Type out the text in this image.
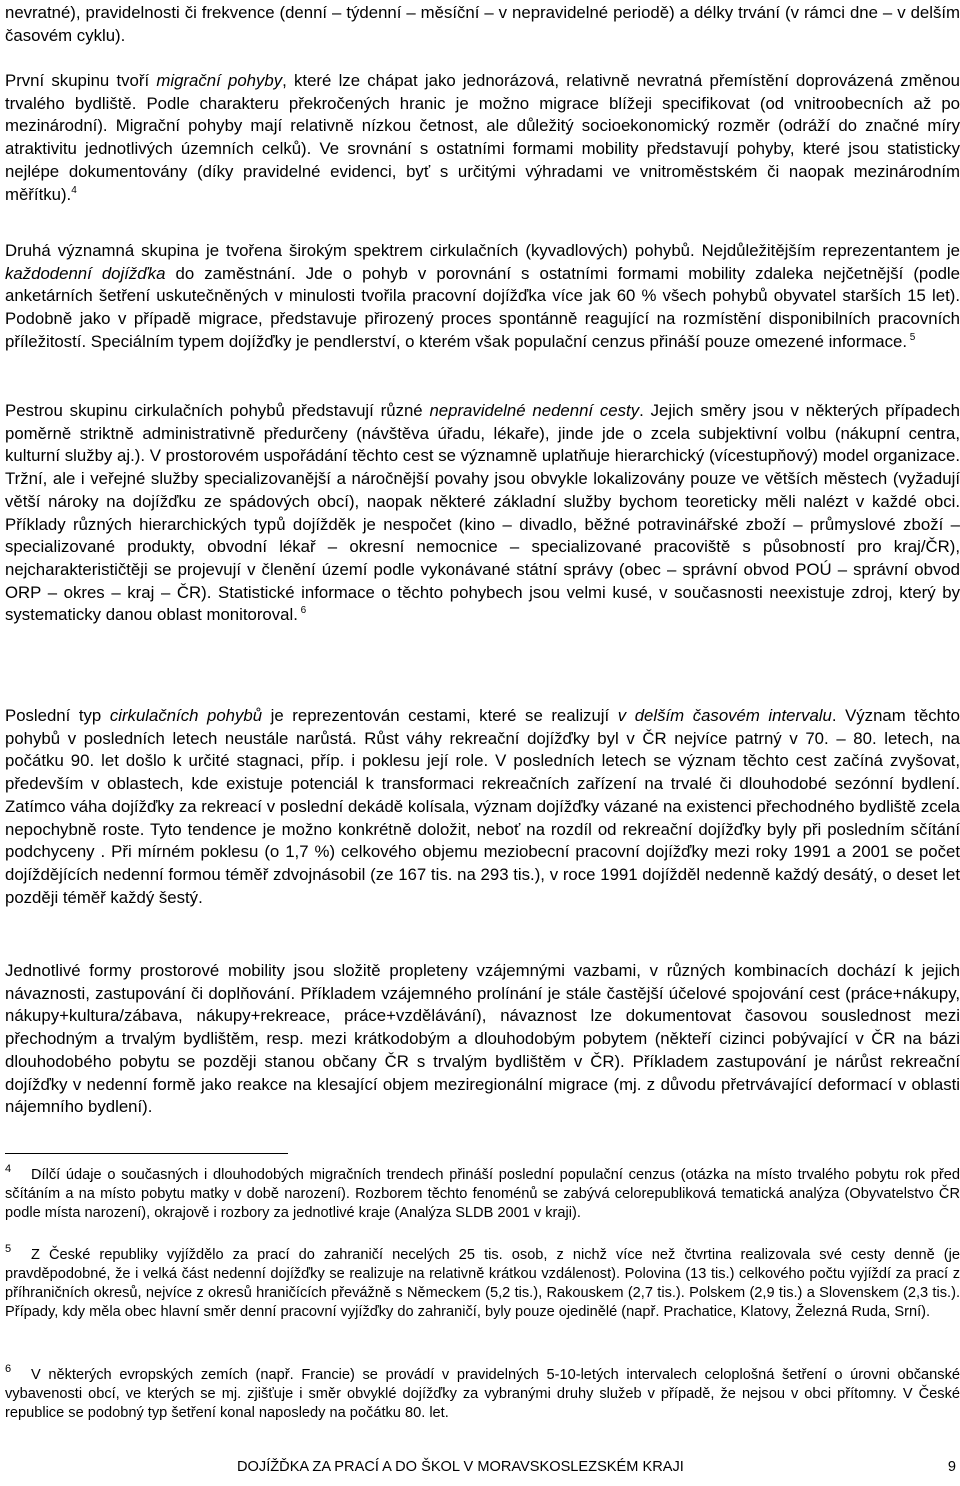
nevratné), pravidelnosti či frekvence (denní – týdenní – měsíční – v nepravidelné periodě) a délky trvání (v rámci dne – v delším časovém cyklu).

První skupinu tvoří migrační pohyby, které lze chápat jako jednorázová, relativně nevratná přemístění doprovázená změnou trvalého bydliště. Podle charakteru překročených hranic je možno migrace blížeji specifikovat (od vnitroobecních až po mezinárodní). Migrační pohyby mají relativně nízkou četnost, ale důležitý socioekonomický rozměr (odráží do značné míry atraktivitu jednotlivých územních celků). Ve srovnání s ostatními formami mobility představují pohyby, které jsou statisticky nejlépe dokumentovány (díky pravidelné evidenci, byť s určitými výhradami ve vnitroměstském či naopak mezinárodním měřítku).$^4$

Druhá významná skupina je tvořena širokým spektrem cirkulačních (kyvadlových) pohybů. Nejdůležitějším reprezentantem je každodenní dojížďka do zaměstnání. Jde o pohyb v porovnání s ostatními formami mobility zdaleka nejčetnější (podle anketárních šetření uskutečněných v minulosti tvořila pracovní dojížďka více jak 60 % všech pohybů obyvatel starších 15 let). Podobně jako v případě migrace, představuje přirozený proces spontánně reagující na rozmístění disponibilních pracovních příležitostí. Speciálním typem dojížďky je pendlerství, o kterém však populační cenzus přináší pouze omezené informace. $^5$

Pestrou skupinu cirkulačních pohybů představují různé nepravidelné nedenní cesty. Jejich směry jsou v některých případech poměrně striktně administrativně předurčeny (návštěva úřadu, lékaře), jinde jde o zcela subjektivní volbu (nákupní centra, kulturní služby aj.). V prostorovém uspořádání těchto cest se významně uplatňuje hierarchický (vícestupňový) model organizace. Tržní, ale i veřejné služby specializovanější a náročnější povahy jsou obvykle lokalizovány pouze ve větších městech (vyžadují větší nároky na dojížďku ze spádových obcí), naopak některé základní služby bychom teoreticky měli nalézt v každé obci. Příklady různých hierarchických typů dojížděk je nespočet (kino – divadlo, běžné potravinářské zboží – průmyslové zboží – specializované produkty, obvodní lékař – okresní nemocnice – specializované pracoviště s působností pro kraj/ČR), nejcharakterističtěji se projevují v členění území podle vykonávané státní správy (obec – správní obvod POÚ – správní obvod ORP – okres – kraj – ČR). Statistické informace o těchto pohybech jsou velmi kusé, v současnosti neexistuje zdroj, který by systematicky danou oblast monitoroval. $^6$

Poslední typ cirkulačních pohybů je reprezentován cestami, které se realizují v delším časovém intervalu. Význam těchto pohybů v posledních letech neustále narůstá. Růst váhy rekreační dojížďky byl v ČR nejvíce patrný v 70. – 80. letech, na počátku 90. let došlo k určité stagnaci, příp. i poklesu její role. V posledních letech se význam těchto cest začíná zvyšovat, především v oblastech, kde existuje potenciál k transformaci rekreačních zařízení na trvalé či dlouhodobé sezónní bydlení. Zatímco váha dojížďky za rekreací v poslední dekádě kolísala, význam dojížďky vázané na existenci přechodného bydliště zcela nepochybně roste. Tyto tendence je možno konkrétně doložit, neboť na rozdíl od rekreační dojížďky byly při posledním sčítání podchyceny . Při mírném poklesu (o 1,7 %) celkového objemu meziobecní pracovní dojížďky mezi roky 1991 a 2001 se počet dojíždějících nedenní formou téměř zdvojnásobil (ze 167 tis. na 293 tis.), v roce 1991 dojížděl nedenně každý desátý, o deset let později téměř každý šestý.

Jednotlivé formy prostorové mobility jsou složitě propleteny vzájemnými vazbami, v různých kombinacích dochází k jejich návaznosti, zastupování či doplňování. Příkladem vzájemného prolínání je stále častější účelové spojování cest (práce+nákupy, nákupy+kultura/zábava, nákupy+rekreace, práce+vzdělávání), návaznost lze dokumentovat časovou souslednost mezi přechodným a trvalým bydlištěm, resp. mezi krátkodobým a dlouhodobým pobytem (někteří cizinci pobývající v ČR na bázi dlouhodobého pobytu se později stanou občany ČR s trvalým bydlištěm v ČR). Příkladem zastupování je nárůst rekreační dojížďky v nedenní formě jako reakce na klesající objem meziregionální migrace (mj. z důvodu přetrvávající deformací v oblasti nájemního bydlení).

4 Dílčí údaje o současných i dlouhodobých migračních trendech přináší poslední populační cenzus (otázka na místo trvalého pobytu rok před sčítáním a na místo pobytu matky v době narození). Rozborem těchto fenoménů se zabývá celorepubliková tematická analýza (Obyvatelstvo ČR podle místa narození), okrajově i rozbory za jednotlivé kraje (Analýza SLDB 2001 v kraji).

5 Z České republiky vyjíždělo za prací do zahraničí necelých 25 tis. osob, z nichž více než čtvrtina realizovala své cesty denně (je pravděpodobné, že i velká část nedenní dojížďky se realizuje na relativně krátkou vzdálenost). Polovina (13 tis.) celkového počtu vyjíždí za prací z příhraničních okresů, nejvíce z okresů hraničících převážně s Německem (5,2 tis.), Rakouskem (2,7 tis.). Polskem (2,9 tis.) a Slovenskem (2,3 tis.). Případy, kdy měla obec hlavní směr denní pracovní vyjížďky do zahraničí, byly pouze ojedinělé (např. Prachatice, Klatovy, Železná Ruda, Srní).

6 V některých evropských zemích (např. Francie) se provádí v pravidelných 5-10-letých intervalech celoplošná šetření o úrovni občanské vybavenosti obcí, ve kterých se mj. zjišťuje i směr obvyklé dojížďky za vybranými druhy služeb v případě, že nejsou v obci přítomny. V České republice se podobný typ šetření konal naposledy na počátku 80. let.

DOJÍŽĎKA ZA PRACÍ A DO ŠKOL V MORAVSKOSLEZSKÉM KRAJI	9
